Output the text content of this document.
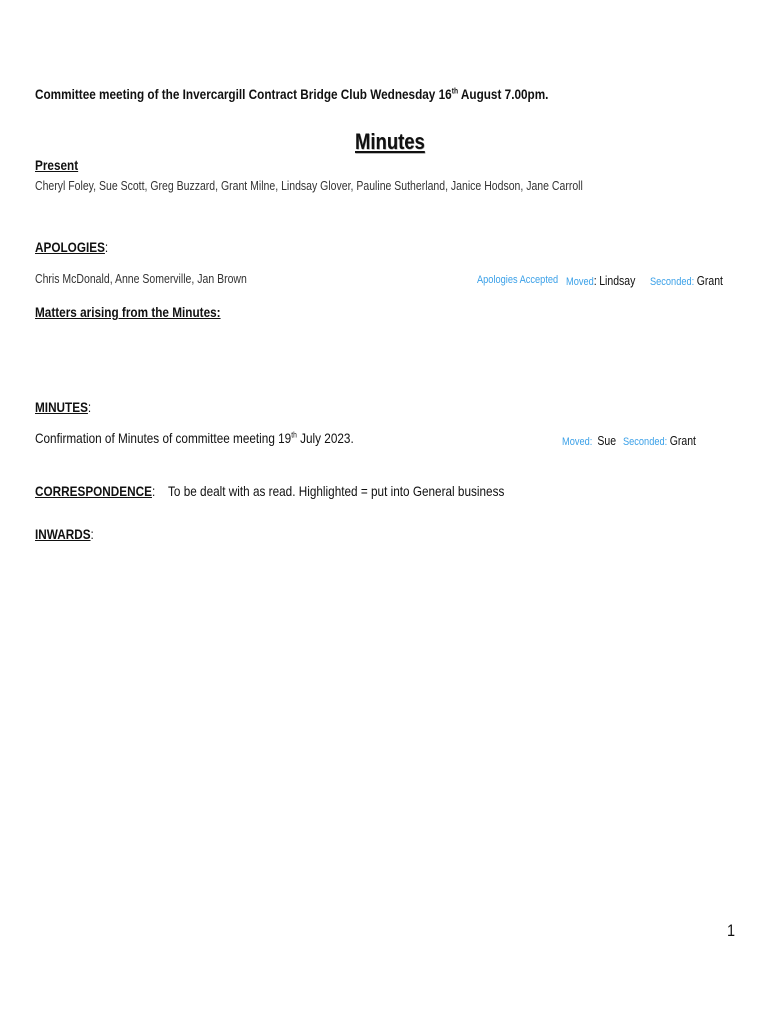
Committee meeting of the Invercargill Contract Bridge Club Wednesday 16th August 7.00pm.
Minutes
Present
Cheryl Foley, Sue Scott, Greg Buzzard, Grant Milne, Lindsay Glover, Pauline Sutherland, Janice Hodson, Jane Carroll
APOLOGIES:
Chris McDonald, Anne Somerville, Jan Brown	Apologies Accepted Moved: Lindsay Seconded: Grant
Matters arising from the Minutes:
MINUTES:
Confirmation of Minutes of committee meeting 19th July 2023.	Moved: Sue Seconded: Grant
CORRESPONDENCE: To be dealt with as read. Highlighted = put into General business
INWARDS:
1
